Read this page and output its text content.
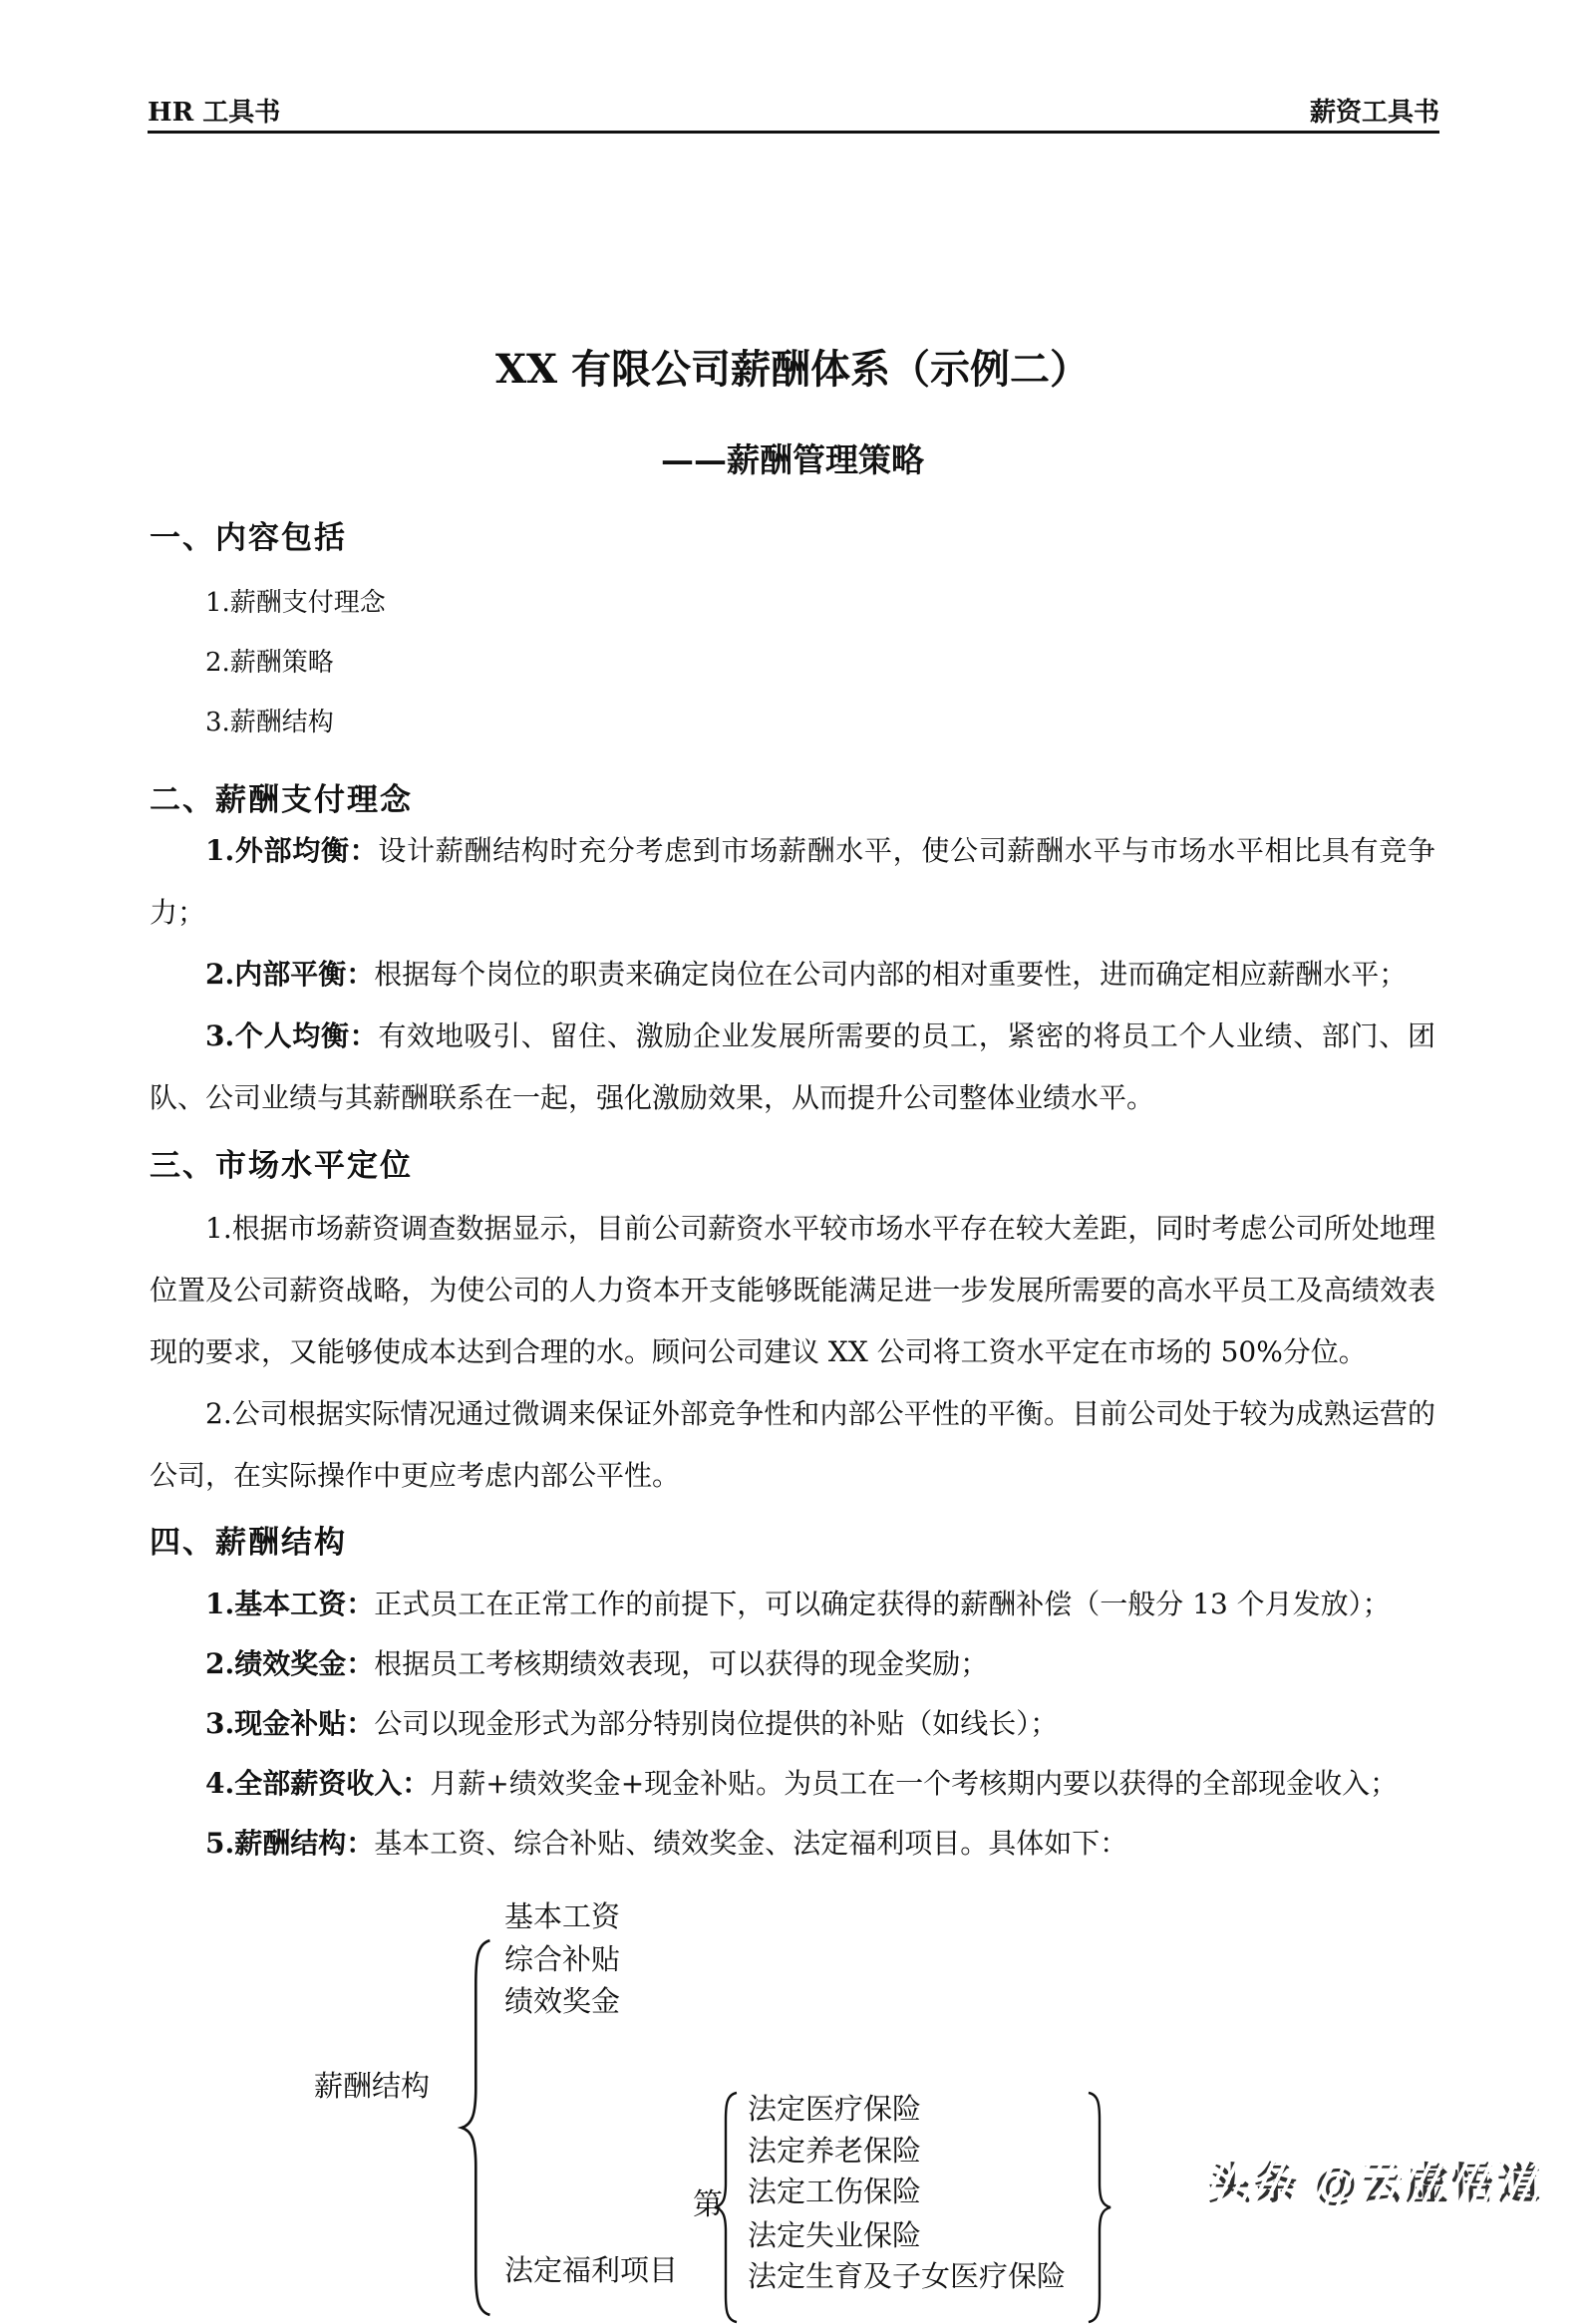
HR 工具书	薪资工具书
XX 有限公司薪酬体系（示例二）
——薪酬管理策略
一、内容包括
1.薪酬支付理念
2.薪酬策略
3.薪酬结构
二、薪酬支付理念

1.外部均衡：设计薪酬结构时充分考虑到市场薪酬水平，使公司薪酬水平与市场水平相比具有竞争力；

2.内部平衡：根据每个岗位的职责来确定岗位在公司内部的相对重要性，进而确定相应薪酬水平；

3.个人均衡：有效地吸引、留住、激励企业发展所需要的员工，紧密的将员工个人业绩、部门、团队、公司业绩与其薪酬联系在一起，强化激励效果，从而提升公司整体业绩水平。

三、市场水平定位

1.根据市场薪资调查数据显示，目前公司薪资水平较市场水平存在较大差距，同时考虑公司所处地理位置及公司薪资战略，为使公司的人力资本开支能够既能满足进一步发展所需要的高水平员工及高绩效表现的要求，又能够使成本达到合理的水。顾问公司建议 XX 公司将工资水平定在市场的 50%分位。

2.公司根据实际情况通过微调来保证外部竞争性和内部公平性的平衡。目前公司处于较为成熟运营的公司，在实际操作中更应考虑内部公平性。

四、薪酬结构

1.基本工资：正式员工在正常工作的前提下，可以确定获得的薪酬补偿（一般分 13 个月发放）；

2.绩效奖金：根据员工考核期绩效表现，可以获得的现金奖励；

3.现金补贴：公司以现金形式为部分特别岗位提供的补贴（如线长）；

4.全部薪资收入：月薪+绩效奖金+现金补贴。为员工在一个考核期内要以获得的全部现金收入；

5.薪酬结构：基本工资、综合补贴、绩效奖金、法定福利项目。具体如下：

薪酬结构
基本工资
综合补贴
绩效奖金
法定福利项目
第
法定医疗保险
法定养老保险
法定工伤保险
法定失业保险
法定生育及子女医疗保险
头条 @云虚悟道
